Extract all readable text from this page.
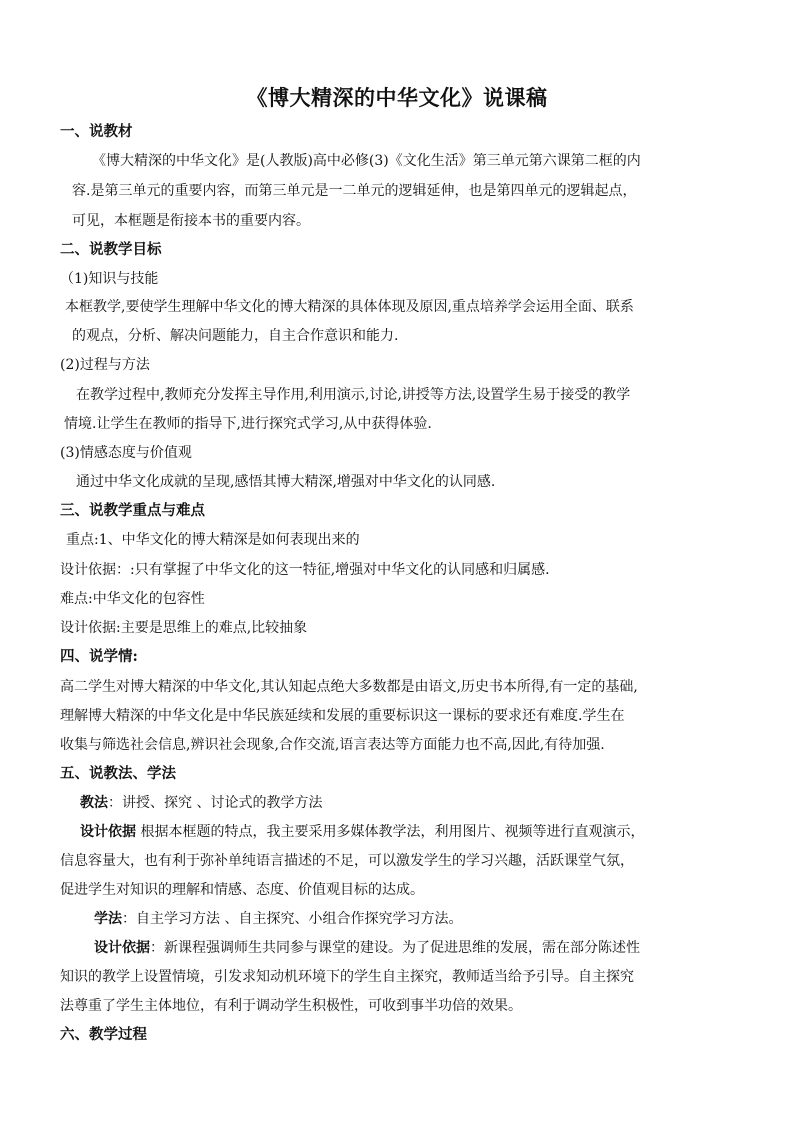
《博大精深的中华文化》说课稿
一、说教材
《博大精深的中华文化》是(人教版)高中必修(3)《文化生活》第三单元第六课第二框的内
容.是第三单元的重要内容，而第三单元是一二单元的逻辑延伸，也是第四单元的逻辑起点，
可见，本框题是衔接本书的重要内容。
二、说教学目标
（1)知识与技能
本框教学,要使学生理解中华文化的博大精深的具体体现及原因,重点培养学会运用全面、联系
的观点，分析、解决问题能力，自主合作意识和能力.
(2)过程与方法
在教学过程中,教师充分发挥主导作用,利用演示,讨论,讲授等方法,设置学生易于接受的教学
情境.让学生在教师的指导下,进行探究式学习,从中获得体验.
(3)情感态度与价值观
通过中华文化成就的呈现,感悟其博大精深,增强对中华文化的认同感.
三、说教学重点与难点
重点:1、中华文化的博大精深是如何表现出来的
设计依据：:只有掌握了中华文化的这一特征,增强对中华文化的认同感和归属感.
难点:中华文化的包容性
设计依据:主要是思维上的难点,比较抽象
四、说学情:
高二学生对博大精深的中华文化,其认知起点绝大多数都是由语文,历史书本所得,有一定的基础,
理解博大精深的中华文化是中华民族延续和发展的重要标识这一课标的要求还有难度.学生在
收集与筛选社会信息,辨识社会现象,合作交流,语言表达等方面能力也不高,因此,有待加强.
五、说教法、学法
教法：讲授、探究 、讨论式的教学方法
设计依据 根据本框题的特点，我主要采用多媒体教学法，利用图片、视频等进行直观演示，
信息容量大，也有利于弥补单纯语言描述的不足，可以激发学生的学习兴趣，活跃课堂气氛，
促进学生对知识的理解和情感、态度、价值观目标的达成。
学法：自主学习方法 、自主探究、小组合作探究学习方法。
设计依据：新课程强调师生共同参与课堂的建设。为了促进思维的发展，需在部分陈述性
知识的教学上设置情境，引发求知动机环境下的学生自主探究，教师适当给予引导。自主探究
法尊重了学生主体地位，有利于调动学生积极性，可收到事半功倍的效果。
六、教学过程
